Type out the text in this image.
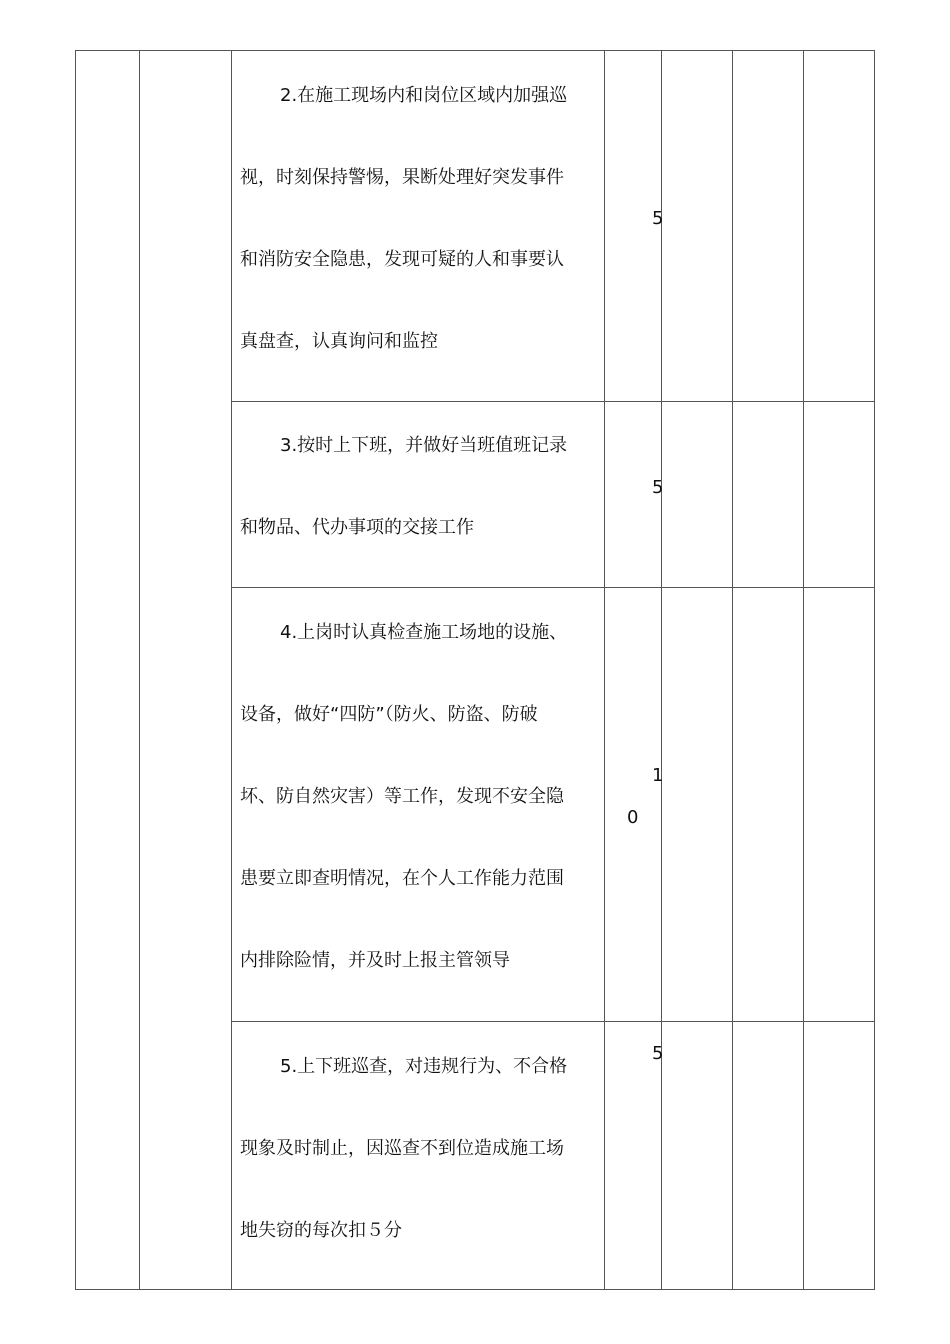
2.在施工现场内和岗位区域内加强巡
视，时刻保持警惕，果断处理好突发事件
和消防安全隐患，发现可疑的人和事要认
真盘查，认真询问和监控
5
3.按时上下班，并做好当班值班记录
和物品、代办事项的交接工作
5
4.上岗时认真检查施工场地的设施、
设备，做好“四防”（防火、防盗、防破
坏、防自然灾害）等工作，发现不安全隐
患要立即查明情况，在个人工作能力范围
内排除险情，并及时上报主管领导
1
0
5.上下班巡查，对违规行为、不合格
现象及时制止，因巡查不到位造成施工场
地失窃的每次扣５分
5
